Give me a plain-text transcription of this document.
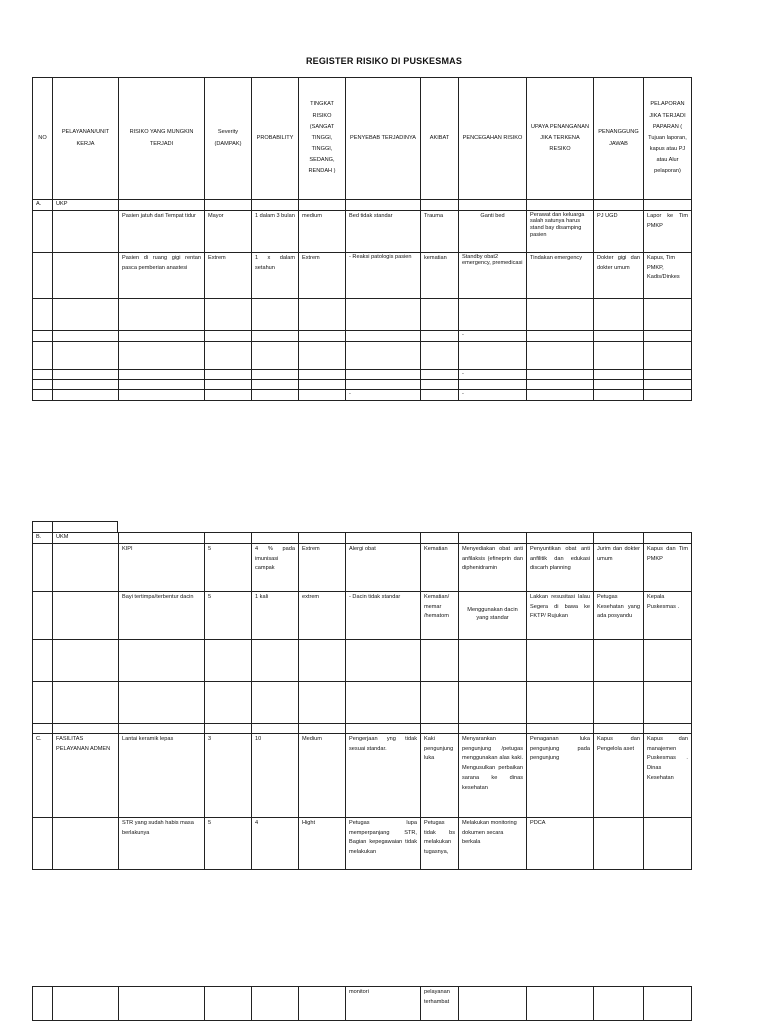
REGISTER RISIKO DI PUSKESMAS
NO	PELAYANAN/UNIT KERJA	RISIKO YANG MUNGKIN TERJADI	Severity (DAMPAK)	PROBABILITY	TINGKAT RISIKO (SANGAT TINGGI, TINGGI, SEDANG, RENDAH )	PENYEBAB TERJADINYA	AKIBAT	PENCEGAHAN RISIKO	UPAYA PENANGANAN JIKA TERKENA RESIKO	PENANGGUNG JAWAB	PELAPORAN JIKA TERJADI PAPARAN ( Tujuan laporan, kapus atau PJ atau Alur pelaporan)
A.	UKP										
		Pasien jatuh dari Tempat tidur	Mayor	1 dalam 3 bulan	medium	Bed tidak standar	Trauma	Ganti bed	Perawat dan keluarga salah satunya harus stand bay disamping pasien	PJ UGD	Lapor ke Tim PMKP
		Pasien di ruang gigi rentan pasca pemberian anastesi	Extrem	1 x dalam setahun	Extrem	- Reaksi patologis pasien	kematian	Standby obat2 emergency, premedicasi	Tindakan emergency	Dokter gigi dan dokter umum	Kapus, Tim PMKP, Kadis/Dinkes

								-			

								-			

						-		-			
B.	UKM										

		KIPI	5	4 % pada imunisasi campak	Extrem	Alergi obat	Kematian	Menyediakan obat anti anfilaksis (efineprin dan diphenidramin	Penyuntikan obat anti anfilitik dan edukasi discarh planning	Jurim dan dokter umum	Kapus dan Tim PMKP
		Bayi tertimpa/terbentur dacin	5	1 kali	extrem	- Dacin tidak standar	Kematian/ memar /hematom	Menggunakan dacin yang standar	Lakkan resusitasi lalau Segera di bawa ke FKTP/ Rujukan	Petugas Kesehatan yang ada posyandu	Kepala Puskesmas .

C.	FASILITAS PELAYANAN ADMEN	Lantai keramik lepas	3	10	Medium	Pengerjaan yng tidak sesuai standar.	Kaki pengunjung luka	Menyarankan pengunjung /petugas menggunakan alas kaki. Mengusulkan perbaikan sarana ke dinas kesehatan	Penaganan luka pengunjung pada pengunjung	Kapus dan Pengelola aset	Kapus dan manajemen Puskesmas . Dinas Kesehatan
		STR yang sudah habis masa berlakunya	5	4	Hight	Petugas lupa memperpanjang STR, Bagian kepegawaian tidak melakukan	Petugas tidak bs melakukan tugasnya,	Melakukan monitoring dokumen secara berkala	PDCA		
						monitori	pelayanan terhambat				
